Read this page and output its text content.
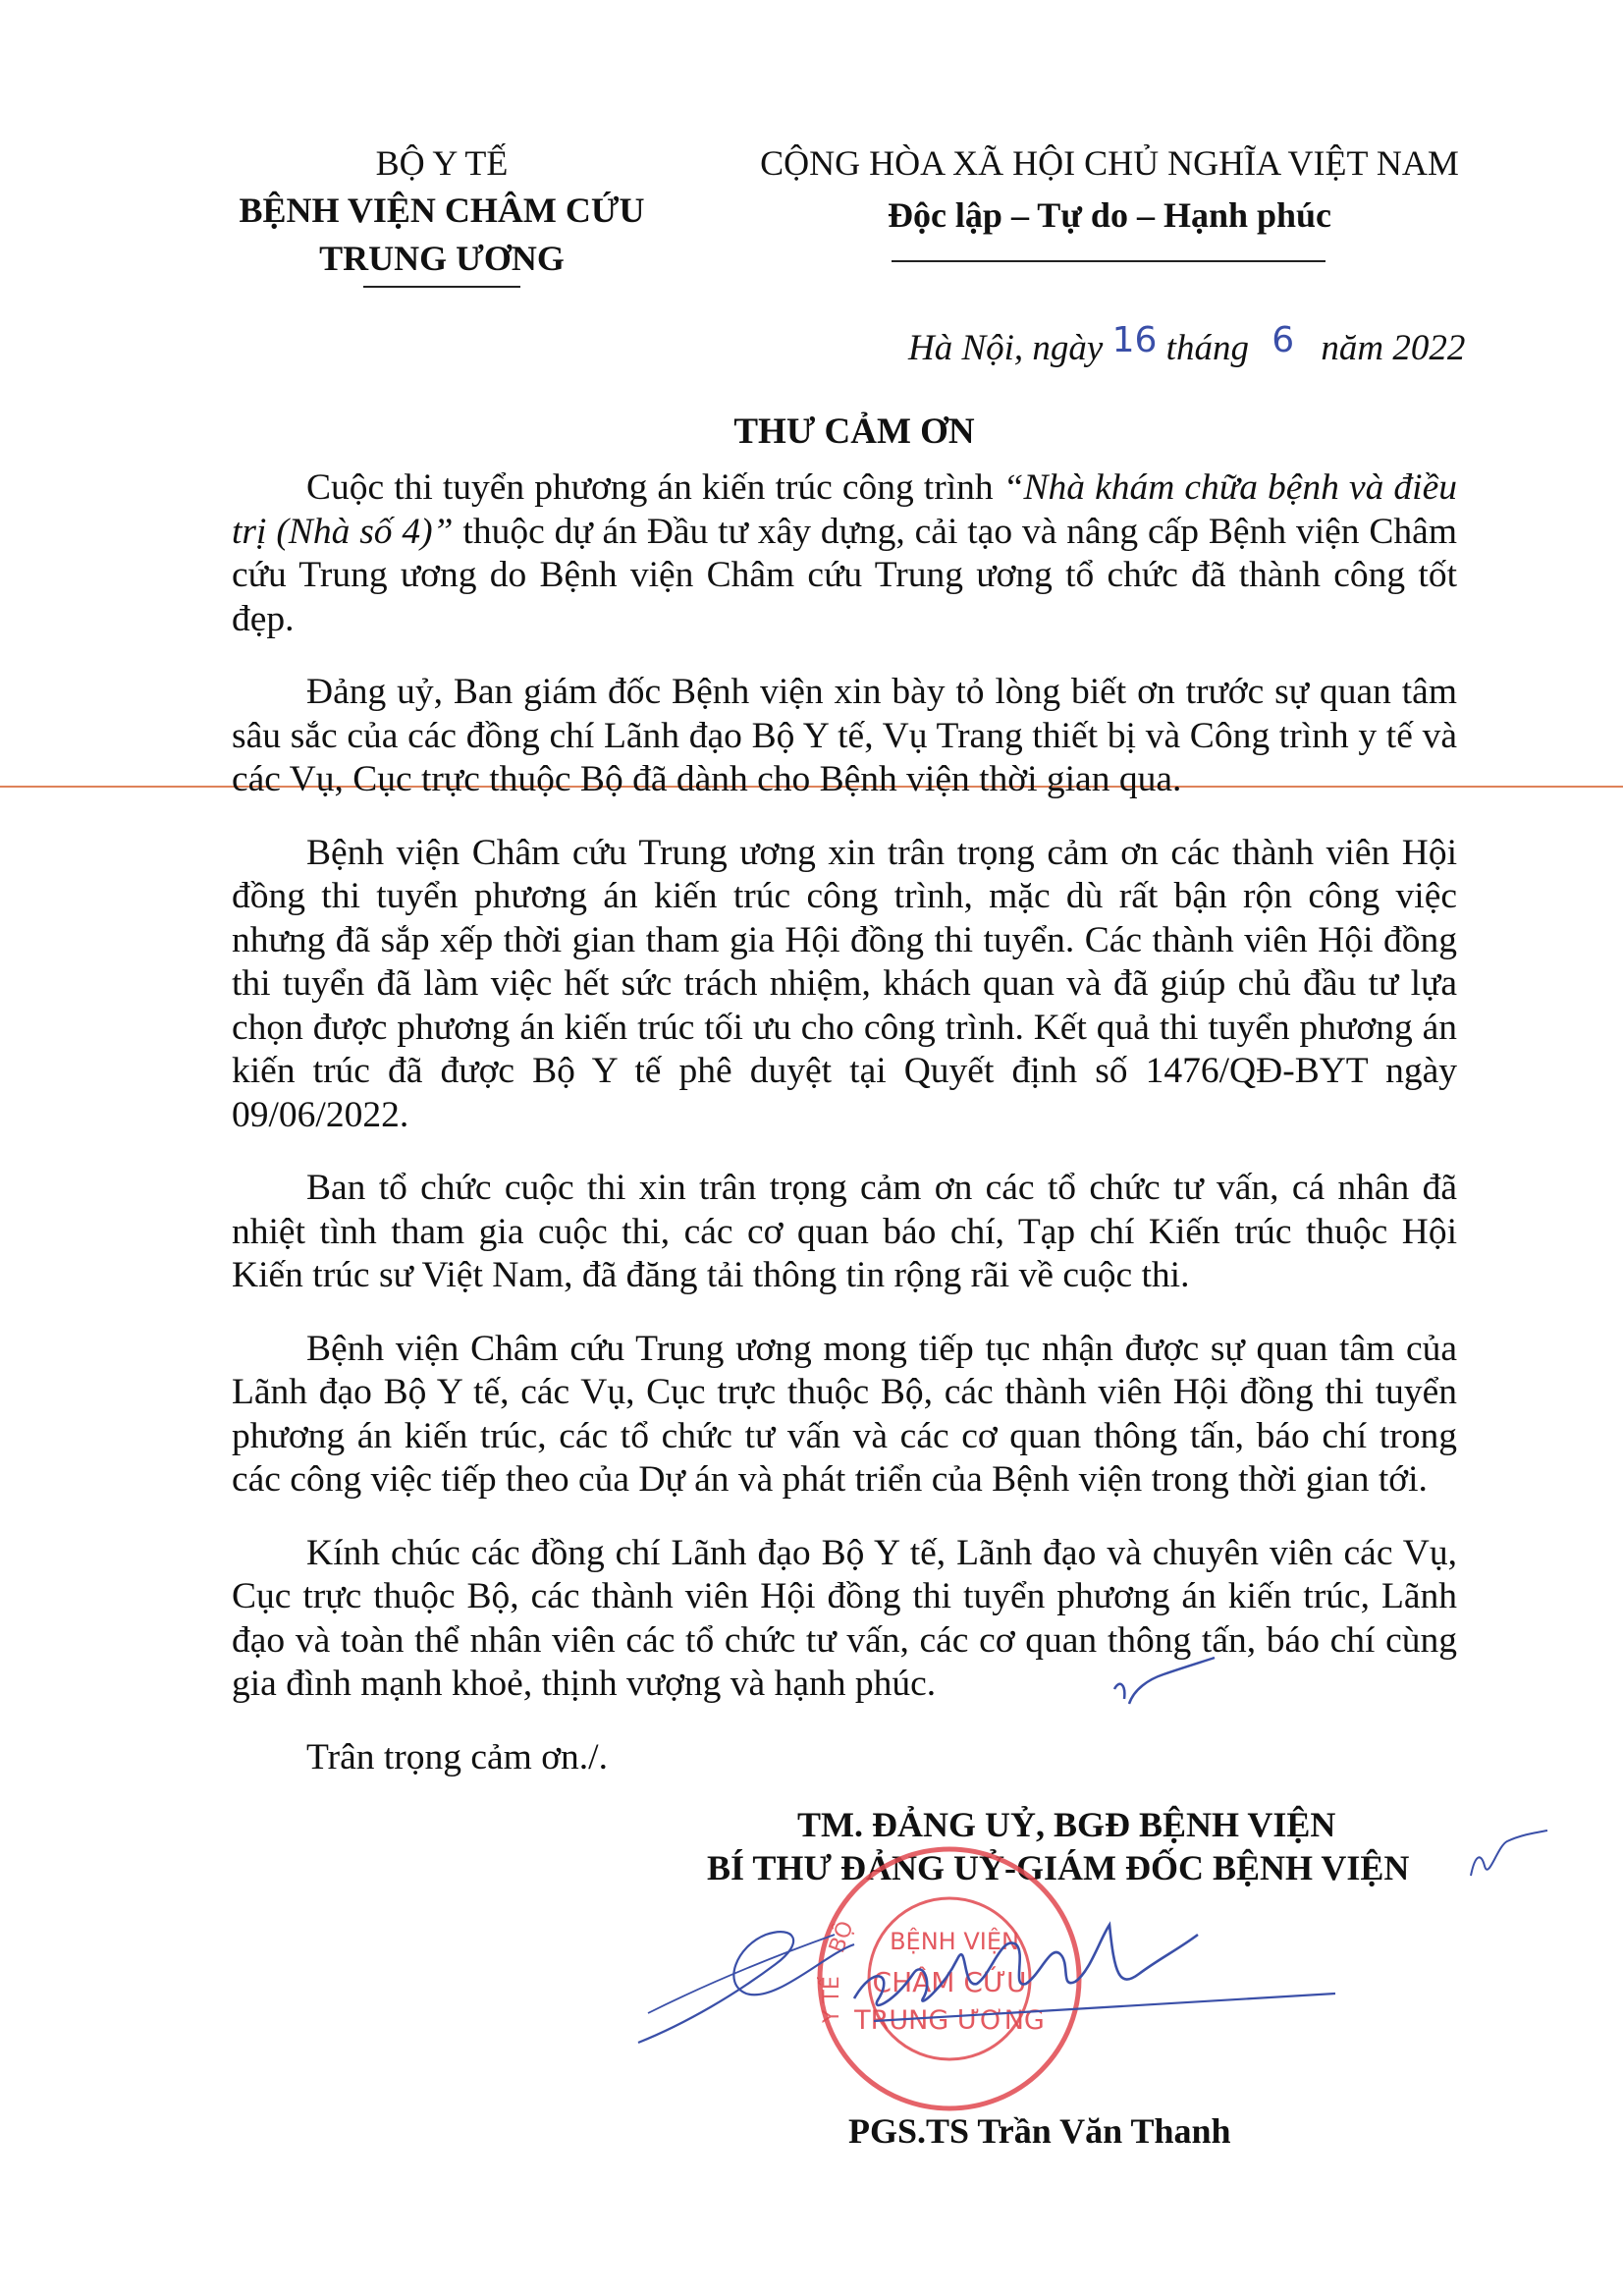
BỘ Y TẾ
BỆNH VIỆN CHÂM CỨU
TRUNG ƯƠNG
CỘNG HÒA XÃ HỘI CHỦ NGHĨA VIỆT NAM
Độc lập – Tự do – Hạnh phúc
Hà Nội, ngày 16 tháng 6 năm 2022
THƯ CẢM ƠN

Cuộc thi tuyển phương án kiến trúc công trình “Nhà khám chữa bệnh và điều trị (Nhà số 4)” thuộc dự án Đầu tư xây dựng, cải tạo và nâng cấp Bệnh viện Châm cứu Trung ương do Bệnh viện Châm cứu Trung ương tổ chức đã thành công tốt đẹp.

Đảng uỷ, Ban giám đốc Bệnh viện xin bày tỏ lòng biết ơn trước sự quan tâm sâu sắc của các đồng chí Lãnh đạo Bộ Y tế, Vụ Trang thiết bị và Công trình y tế và các Vụ, Cục trực thuộc Bộ đã dành cho Bệnh viện thời gian qua.

Bệnh viện Châm cứu Trung ương xin trân trọng cảm ơn các thành viên Hội đồng thi tuyển phương án kiến trúc công trình, mặc dù rất bận rộn công việc nhưng đã sắp xếp thời gian tham gia Hội đồng thi tuyển. Các thành viên Hội đồng thi tuyển đã làm việc hết sức trách nhiệm, khách quan và đã giúp chủ đầu tư lựa chọn được phương án kiến trúc tối ưu cho công trình. Kết quả thi tuyển phương án kiến trúc đã được Bộ Y tế phê duyệt tại Quyết định số 1476/QĐ-BYT ngày 09/06/2022.

Ban tổ chức cuộc thi xin trân trọng cảm ơn các tổ chức tư vấn, cá nhân đã nhiệt tình tham gia cuộc thi, các cơ quan báo chí, Tạp chí Kiến trúc thuộc Hội Kiến trúc sư Việt Nam, đã đăng tải thông tin rộng rãi về cuộc thi.

Bệnh viện Châm cứu Trung ương mong tiếp tục nhận được sự quan tâm của Lãnh đạo Bộ Y tế, các Vụ, Cục trực thuộc Bộ, các thành viên Hội đồng thi tuyển phương án kiến trúc, các tổ chức tư vấn và các cơ quan thông tấn, báo chí trong các công việc tiếp theo của Dự án và phát triển của Bệnh viện trong thời gian tới.

Kính chúc các đồng chí Lãnh đạo Bộ Y tế, Lãnh đạo và chuyên viên các Vụ, Cục trực thuộc Bộ, các thành viên Hội đồng thi tuyển phương án kiến trúc, Lãnh đạo và toàn thể nhân viên các tổ chức tư vấn, các cơ quan thông tấn, báo chí cùng gia đình mạnh khoẻ, thịnh vượng và hạnh phúc.

Trân trọng cảm ơn./.

TM. ĐẢNG UỶ, BGĐ BỆNH VIỆN
BÍ THƯ ĐẢNG UỶ-GIÁM ĐỐC BỆNH VIỆN
BỆNH VIỆN
CHÂM CỨU
TRUNG ƯƠNG
BỘ
Y TẾ
PGS.TS Trần Văn Thanh
